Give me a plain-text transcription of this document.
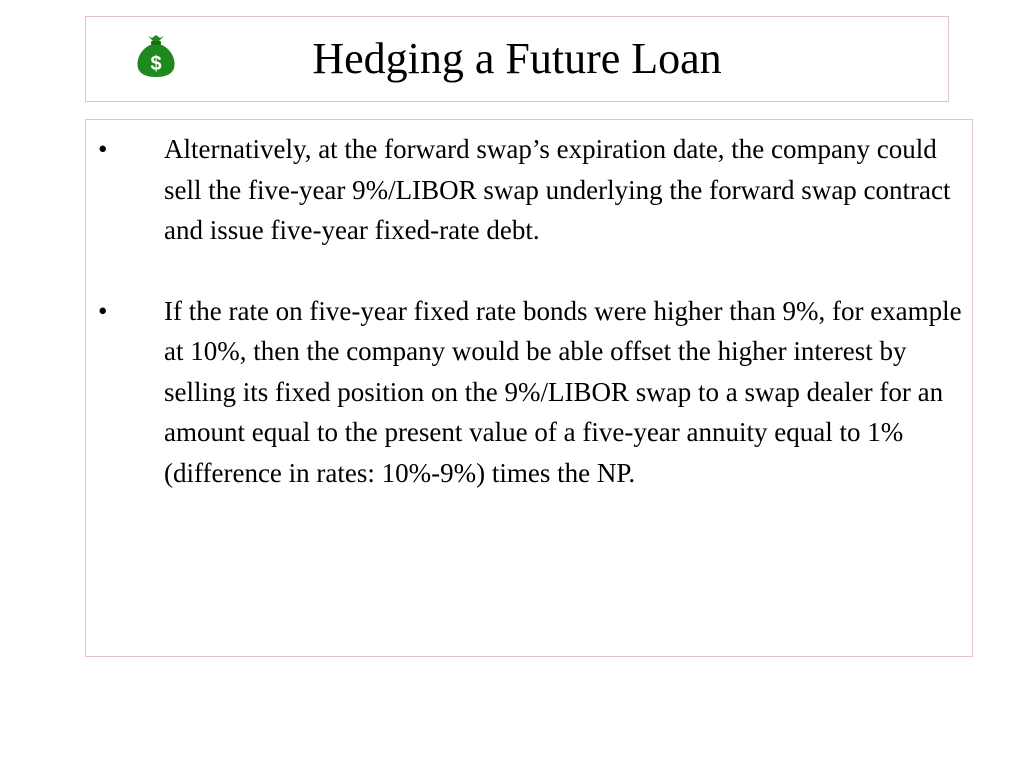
$	Hedging a Future Loan
• Alternatively, at the forward swap’s expiration date, the company could sell the five-year 9%/LIBOR swap underlying the forward swap contract and issue five-year fixed-rate debt.
• If the rate on five-year fixed rate bonds were higher than 9%, for example at 10%, then the company would be able offset the higher interest by selling its fixed position on the 9%/LIBOR swap to a swap dealer for an amount equal to the present value of a five-year annuity equal to 1% (difference in rates: 10%-9%) times the NP.
